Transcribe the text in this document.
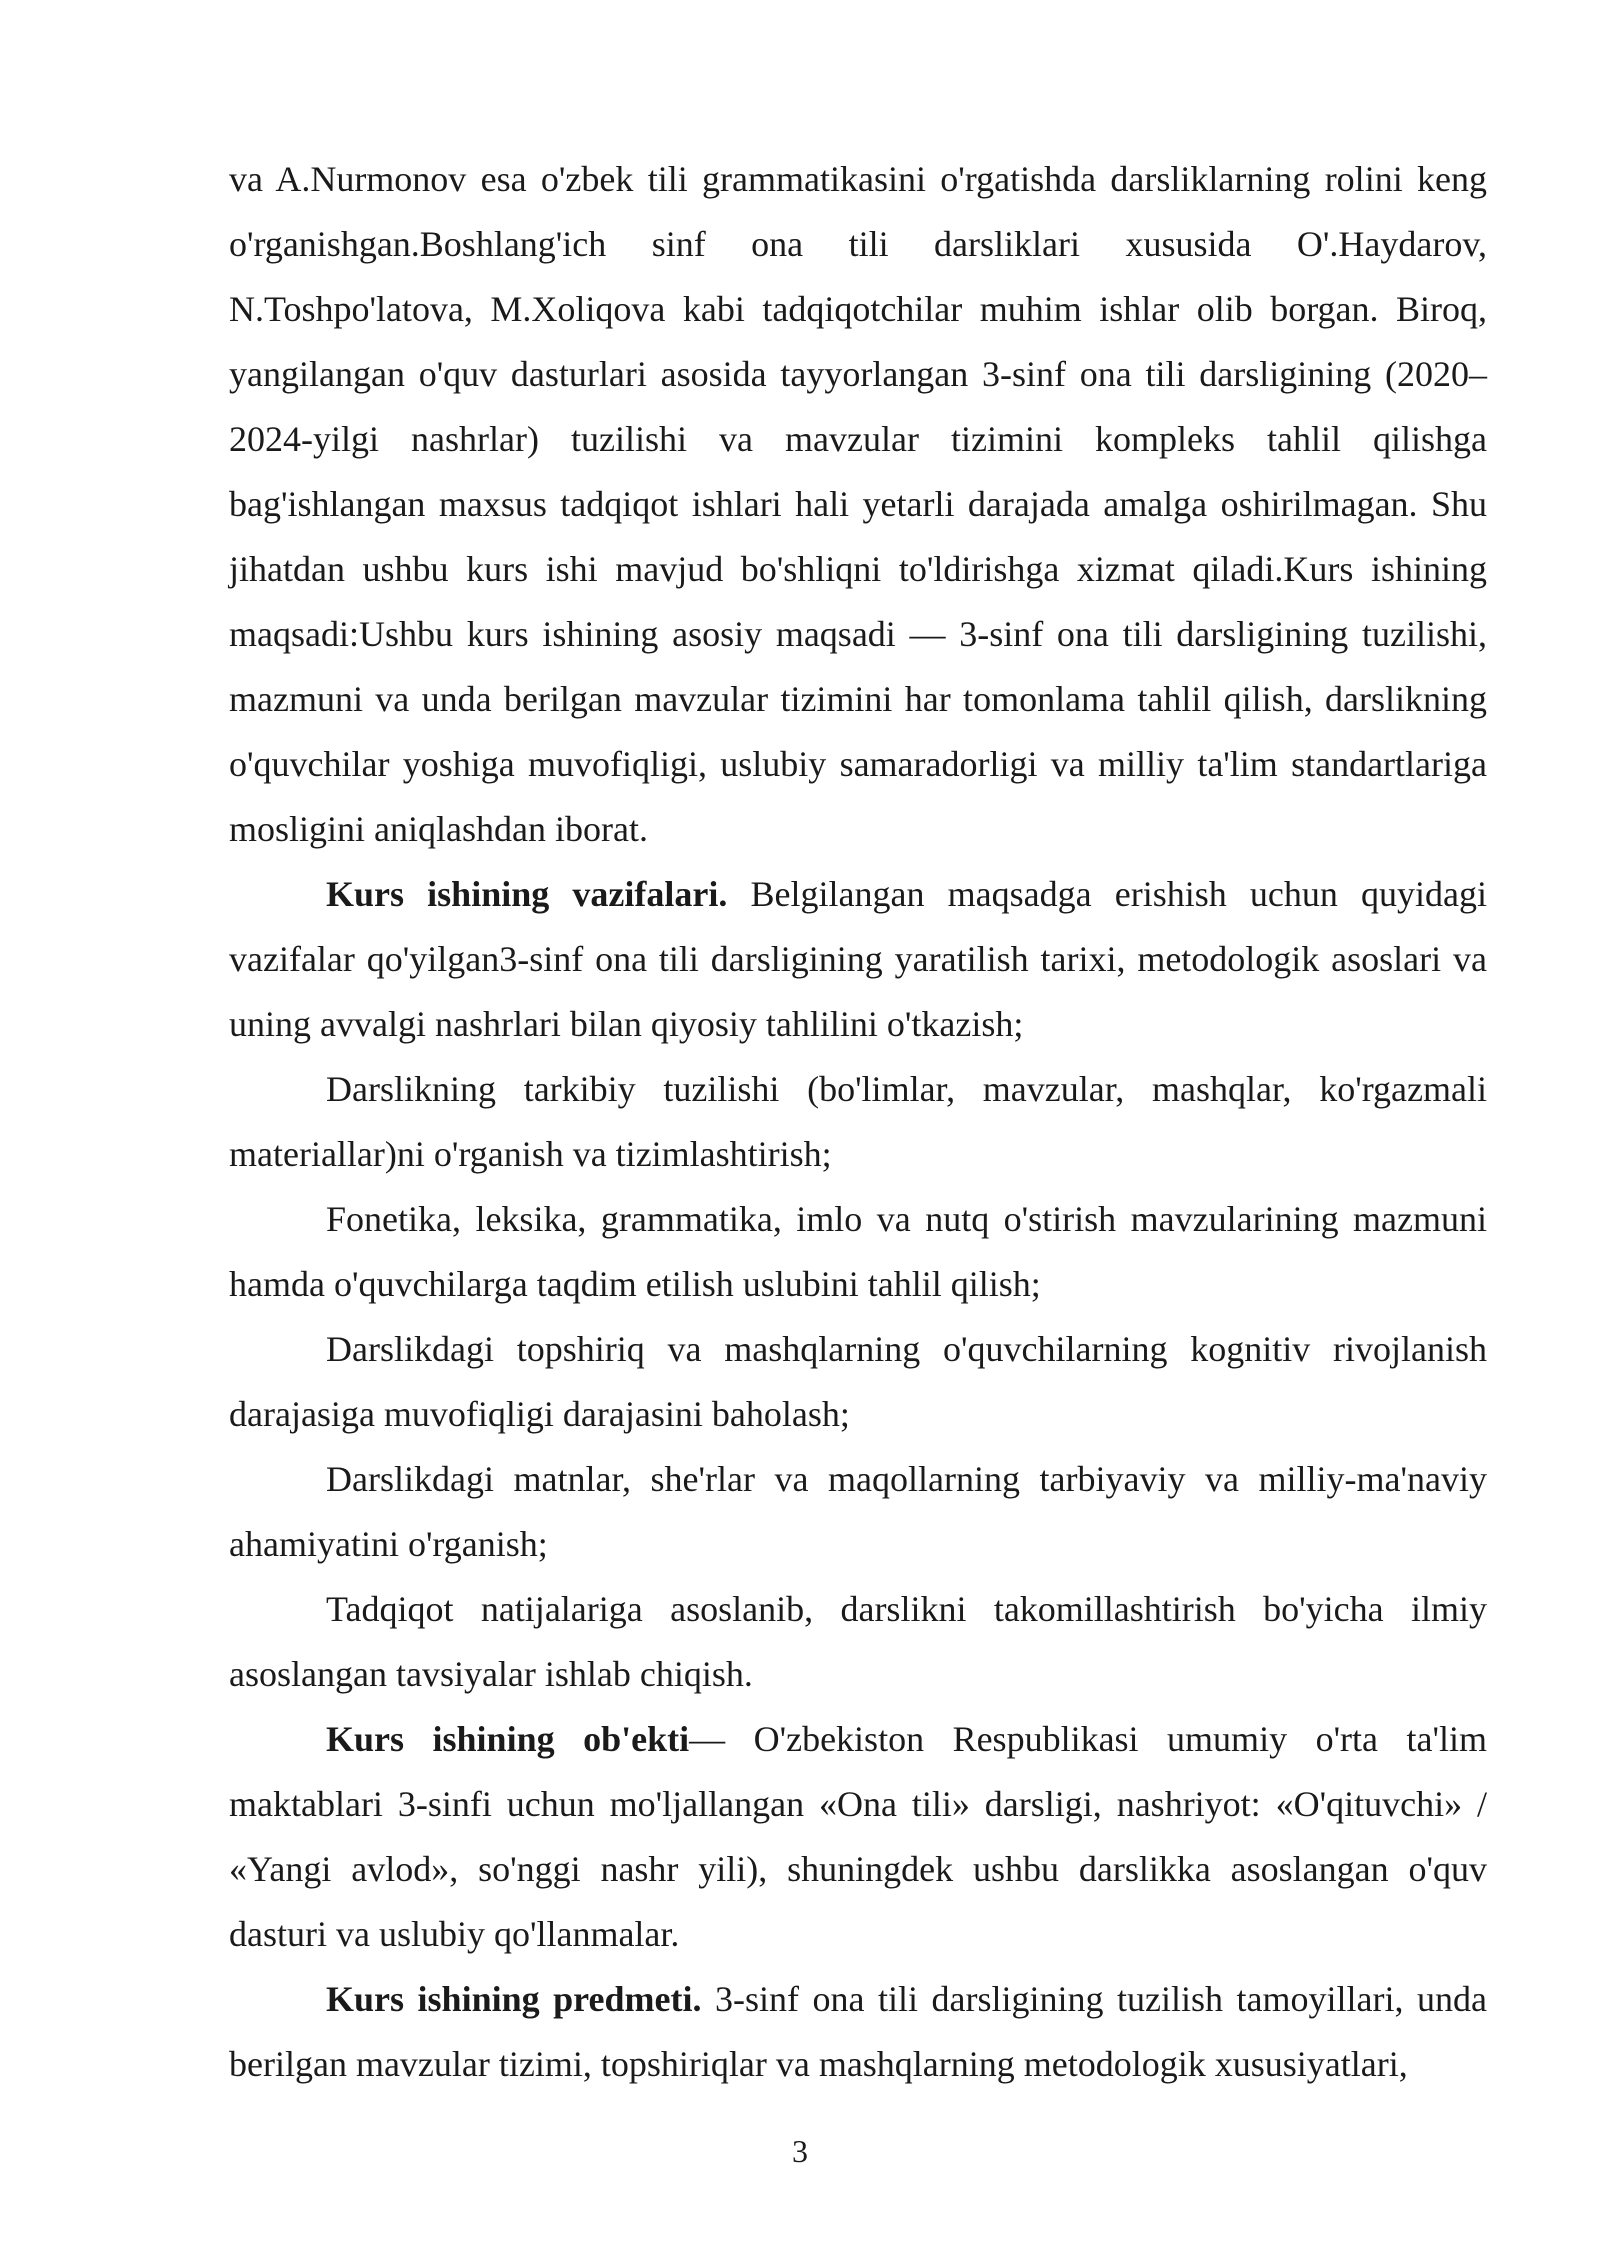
va A.Nurmonov esa o'zbek tili grammatikasini o'rgatishda darsliklarning rolini keng o'rganishgan.Boshlang'ich sinf ona tili darsliklari xususida O'.Haydarov, N.Toshpo'latova, M.Xoliqova kabi tadqiqotchilar muhim ishlar olib borgan. Biroq, yangilangan o'quv dasturlari asosida tayyorlangan 3-sinf ona tili darsligining (2020–2024-yilgi nashrlar) tuzilishi va mavzular tizimini kompleks tahlil qilishga bag'ishlangan maxsus tadqiqot ishlari hali yetarli darajada amalga oshirilmagan. Shu jihatdan ushbu kurs ishi mavjud bo'shliqni to'ldirishga xizmat qiladi.Kurs ishining maqsadi:Ushbu kurs ishining asosiy maqsadi — 3-sinf ona tili darsligining tuzilishi, mazmuni va unda berilgan mavzular tizimini har tomonlama tahlil qilish, darslikning o'quvchilar yoshiga muvofiqligi, uslubiy samaradorligi va milliy ta'lim standartlariga mosligini aniqlashdan iborat.

Kurs ishining vazifalari. Belgilangan maqsadga erishish uchun quyidagi vazifalar qo'yilgan3-sinf ona tili darsligining yaratilish tarixi, metodologik asoslari va uning avvalgi nashrlari bilan qiyosiy tahlilini o'tkazish;

Darslikning tarkibiy tuzilishi (bo'limlar, mavzular, mashqlar, ko'rgazmali materiallar)ni o'rganish va tizimlashtirish;

Fonetika, leksika, grammatika, imlo va nutq o'stirish mavzularining mazmuni hamda o'quvchilarga taqdim etilish uslubini tahlil qilish;

Darslikdagi topshiriq va mashqlarning o'quvchilarning kognitiv rivojlanish darajasiga muvofiqligi darajasini baholash;

Darslikdagi matnlar, she'rlar va maqollarning tarbiyaviy va milliy-ma'naviy ahamiyatini o'rganish;

Tadqiqot natijalariga asoslanib, darslikni takomillashtirish bo'yicha ilmiy asoslangan tavsiyalar ishlab chiqish.

Kurs ishining ob'ekti— O'zbekiston Respublikasi umumiy o'rta ta'lim maktablari 3-sinfi uchun mo'ljallangan «Ona tili» darsligi, nashriyot: «O'qituvchi» / «Yangi avlod», so'nggi nashr yili), shuningdek ushbu darslikka asoslangan o'quv dasturi va uslubiy qo'llanmalar.

Kurs ishining predmeti. 3-sinf ona tili darsligining tuzilish tamoyillari, unda berilgan mavzular tizimi, topshiriqlar va mashqlarning metodologik xususiyatlari,

3
